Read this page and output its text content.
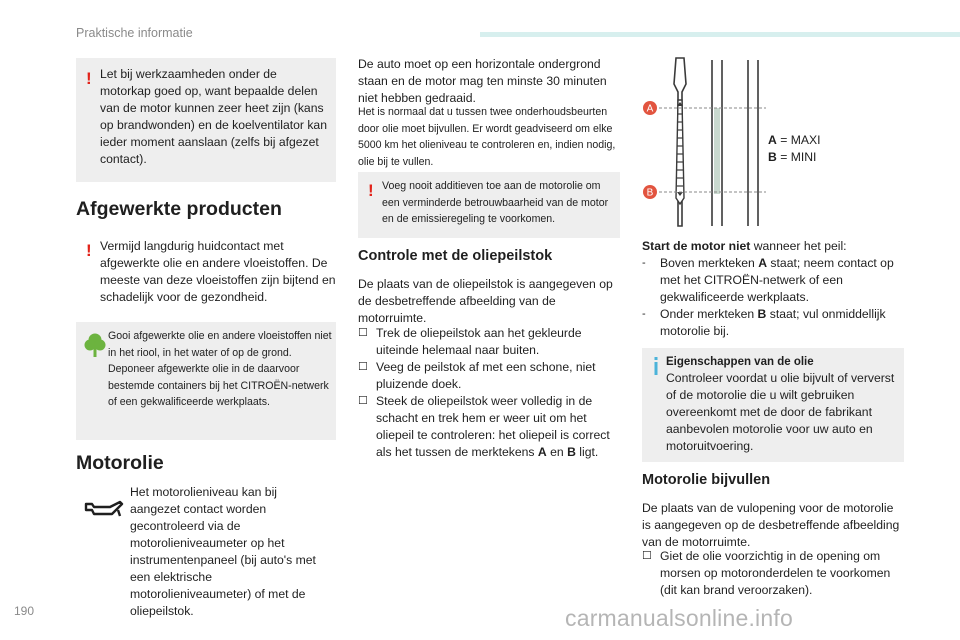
Praktische informatie
! Let bij werkzaamheden onder de motorkap goed op, want bepaalde delen van de motor kunnen zeer heet zijn (kans op brandwonden) en de koelventilator kan ieder moment aanslaan (zelfs bij afgezet contact).

Afgewerkte producten
! Vermijd langdurig huidcontact met afgewerkte olie en andere vloeistoffen. De meeste van deze vloeistoffen zijn bijtend en schadelijk voor de gezondheid.

Gooi afgewerkte olie en andere vloeistoffen niet in het riool, in het water of op de grond. Deponeer afgewerkte olie in de daarvoor bestemde containers bij het CITROËN-netwerk of een gekwalificeerde werkplaats.

Motorolie

Het motorolieniveau kan bij aangezet contact worden gecontroleerd via de motorolieniveaumeter op het instrumentenpaneel (bij auto's met een elektrische motorolieniveaumeter) of met de oliepeilstok.

De auto moet op een horizontale ondergrond staan en de motor mag ten minste 30 minuten niet hebben gedraaid.

Het is normaal dat u tussen twee onderhoudsbeurten door olie moet bijvullen. Er wordt geadviseerd om elke 5000 km het olieniveau te controleren en, indien nodig, olie bij te vullen.

! Voeg nooit additieven toe aan de motorolie om een verminderde betrouwbaarheid van de motor en de emissieregeling te voorkomen.

Controle met de oliepeilstok

De plaats van de oliepeilstok is aangegeven op de desbetreffende afbeelding van de motorruimte.

☐ Trek de oliepeilstok aan het gekleurde uiteinde helemaal naar buiten.
☐ Veeg de peilstok af met een schone, niet pluizende doek.
☐ Steek de oliepeilstok weer volledig in de schacht en trek hem er weer uit om het oliepeil te controleren: het oliepeil is correct als het tussen de merktekens A en B ligt.
A
B
A = MAXI
B = MINI

Start de motor niet wanneer het peil:

-	Boven merkteken A staat; neem contact op met het CITROËN-netwerk of een gekwalificeerde werkplaats.
-	Onder merkteken B staat; vul onmiddellijk motorolie bij.

Eigenschappen van de olie

Controleer voordat u olie bijvult of ververst of de motorolie die u wilt gebruiken overeenkomt met de door de fabrikant aanbevolen motorolie voor uw auto en motoruitvoering.

Motorolie bijvullen

De plaats van de vulopening voor de motorolie is aangegeven op de desbetreffende afbeelding van de motorruimte.

☐ Giet de olie voorzichtig in de opening om morsen op motoronderdelen te voorkomen (dit kan brand veroorzaken).
190	carmanualsonline.info
